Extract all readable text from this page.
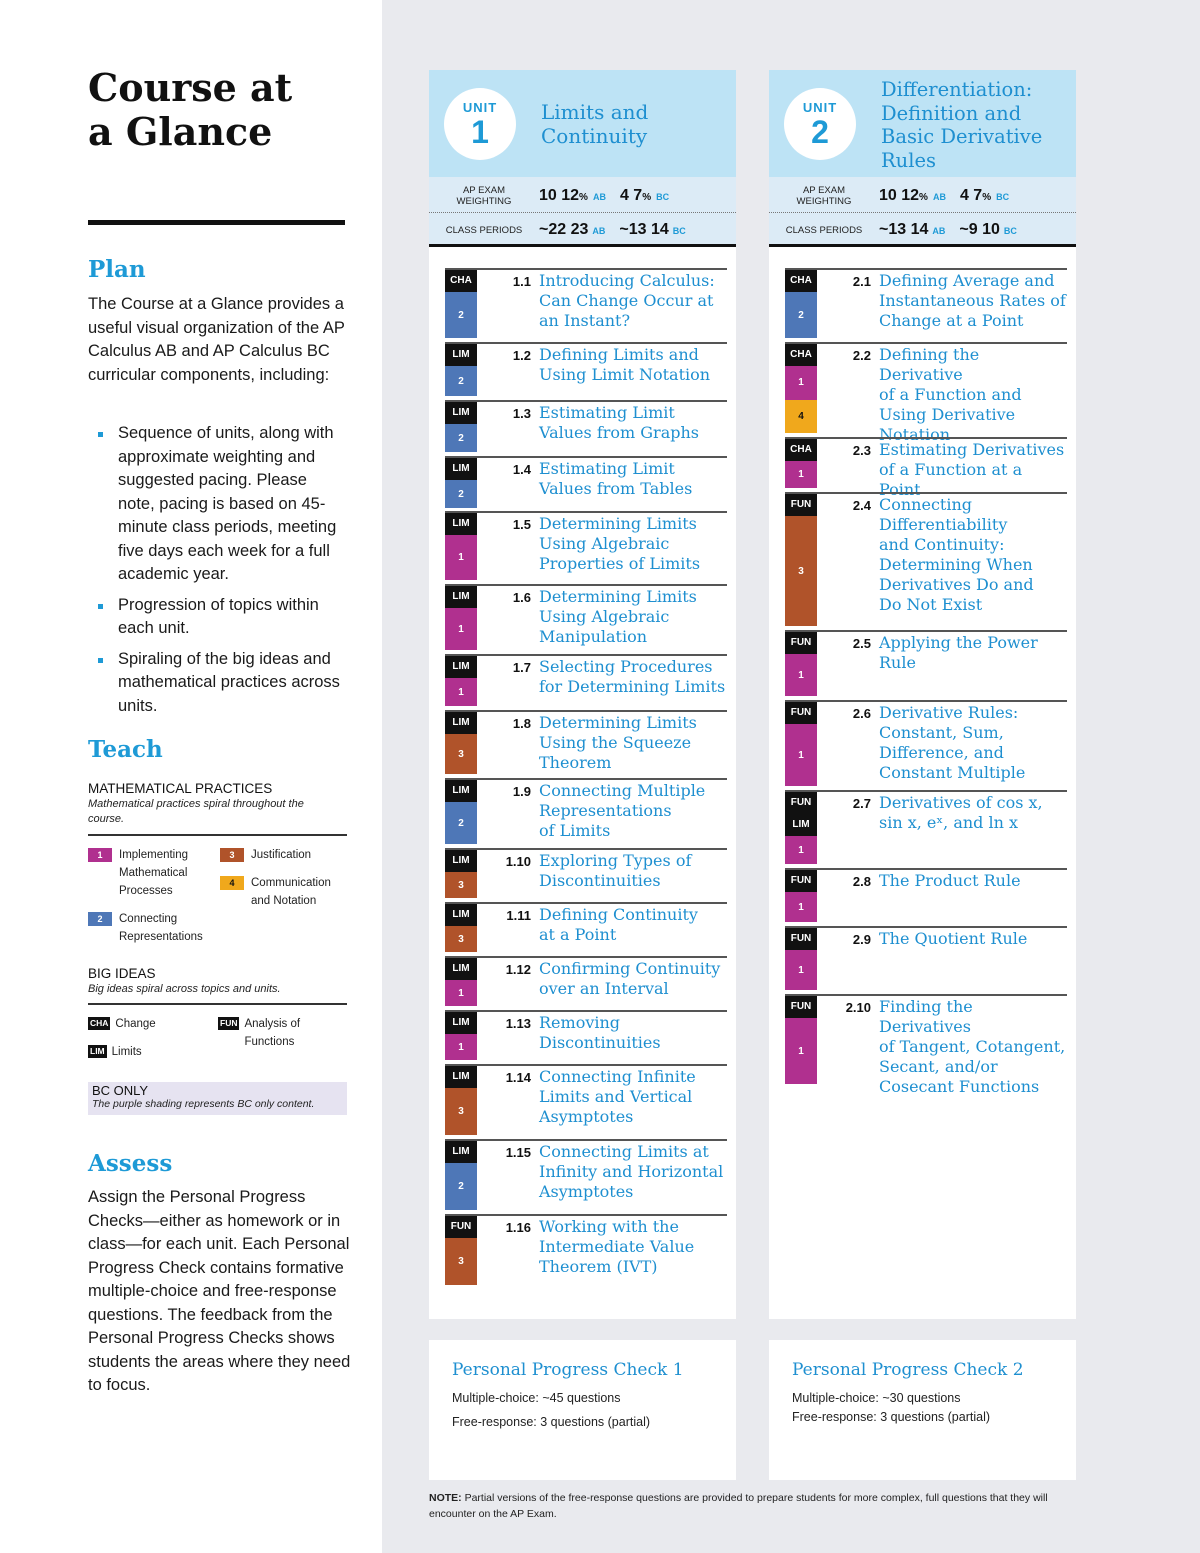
Course at
a Glance
Plan
The Course at a Glance provides a useful visual organization of the AP Calculus AB and AP Calculus BC curricular components, including:
Sequence of units, along with approximate weighting and suggested pacing. Please note, pacing is based on 45-minute class periods, meeting five days each week for a full academic year.
Progression of topics within each unit.
Spiraling of the big ideas and mathematical practices across units.
Teach
MATHEMATICAL PRACTICES
Mathematical practices spiral throughout the course.
1	Implementing Mathematical Processes
2	Connecting Representations
3	Justification
4	Communication and Notation
BIG IDEAS
Big ideas spiral across topics and units.
CHA Change
LIM Limits
FUN Analysis of Functions
BC ONLY
The purple shading represents BC only content.
Assess
Assign the Personal Progress Checks—either as homework or in class—for each unit. Each Personal Progress Check contains formative multiple-choice and free-response questions. The feedback from the Personal Progress Checks shows students the areas where they need to focus.
UNIT
1
Limits and
Continuity
AP EXAM
WEIGHTING	10 12 % AB 4 7 % BC
CLASS PERIODS	~22 23 AB ~13 14 BC
CHA
2
1.1 Introducing Calculus:
Can Change Occur at
an Instant?
LIM
2
1.2 Defining Limits and
Using Limit Notation
LIM
2
1.3 Estimating Limit
Values from Graphs
LIM
2
1.4 Estimating Limit
Values from Tables
LIM
1
1.5 Determining Limits
Using Algebraic
Properties of Limits
LIM
1
1.6 Determining Limits
Using Algebraic
Manipulation
LIM
1
1.7 Selecting Procedures
for Determining Limits
LIM
3
1.8 Determining Limits
Using the Squeeze
Theorem
LIM
2
1.9 Connecting Multiple
Representations
of Limits
LIM
3
1.10 Exploring Types of
Discontinuities
LIM
3
1.11 Defining Continuity
at a Point
LIM
1
1.12 Confirming Continuity
over an Interval
LIM
1
1.13 Removing
Discontinuities
LIM
3
1.14 Connecting Infinite
Limits and Vertical
Asymptotes
LIM
2
1.15 Connecting Limits at
Infinity and Horizontal
Asymptotes
FUN
3
1.16 Working with the
Intermediate Value
Theorem (IVT)
UNIT
2
Differentiation:
Definition and
Basic Derivative
Rules
AP EXAM
WEIGHTING	10 12 % AB 4 7 % BC
CLASS PERIODS	~13 14 AB ~9 10 BC
CHA
2
2.1 Defining Average and
Instantaneous Rates of
Change at a Point
CHA
1
4
2.2 Defining the Derivative
of a Function and
Using Derivative
Notation
CHA
1
2.3 Estimating Derivatives
of a Function at a Point
FUN
3
2.4 Connecting
Differentiability
and Continuity:
Determining When
Derivatives Do and
Do Not Exist
FUN
1
2.5 Applying the Power
Rule
FUN
1
2.6 Derivative Rules:
Constant, Sum,
Difference, and
Constant Multiple
FUN
LIM
1
2.7 Derivatives of cos x,
sin x, eˣ, and ln x
FUN
1
2.8 The Product Rule
FUN
1
2.9 The Quotient Rule
FUN
1
2.10 Finding the Derivatives
of Tangent, Cotangent,
Secant, and/or
Cosecant Functions
Personal Progress Check 1
Multiple-choice: ~45 questions
Free-response: 3 questions (partial)
Personal Progress Check 2
Multiple-choice: ~30 questions
Free-response: 3 questions (partial)
NOTE: Partial versions of the free-response questions are provided to prepare students for more complex, full questions that they will encounter on the AP Exam.
